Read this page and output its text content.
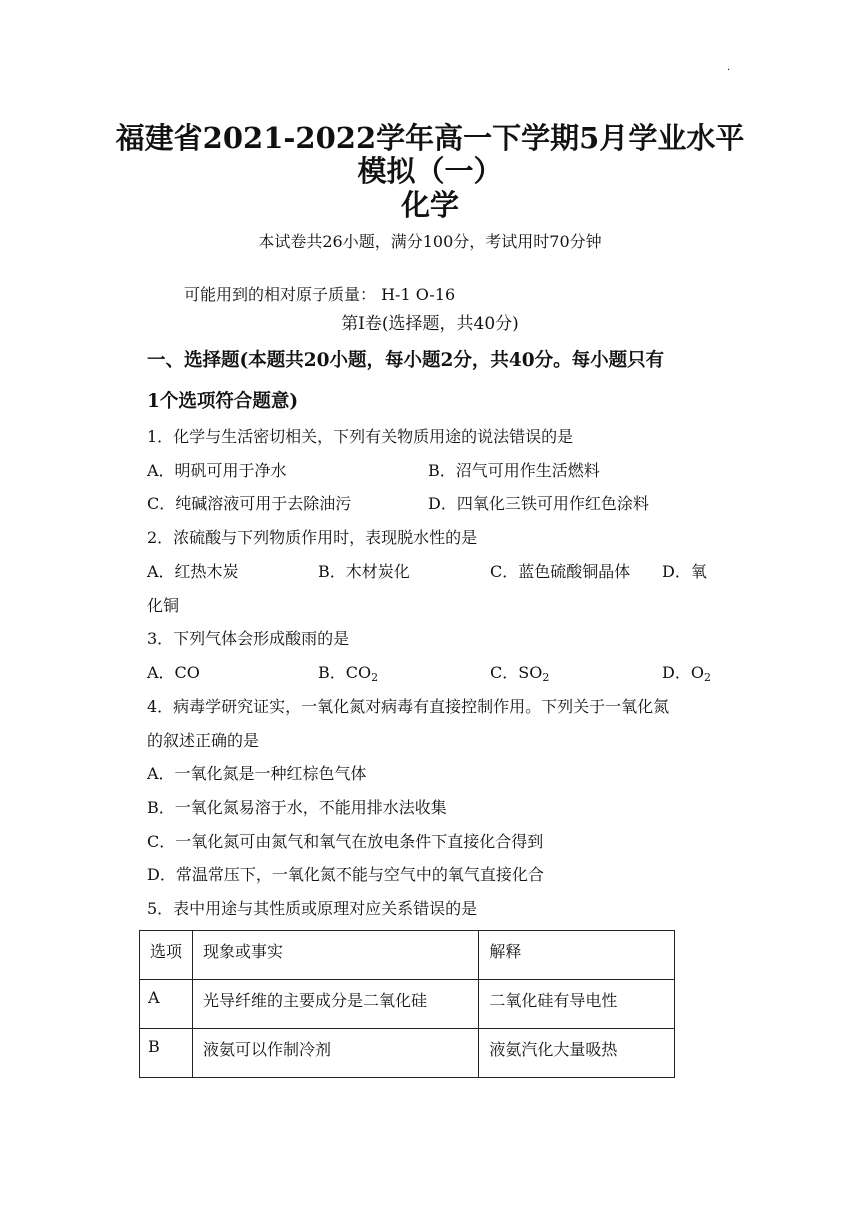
·
福建省2021-2022学年高一下学期5月学业水平
模拟（一）
化学
本试卷共26小题，满分100分，考试用时70分钟
可能用到的相对原子质量： H-1 O-16
第Ⅰ卷(选择题，共40分)
一、选择题(本题共20小题，每小题2分，共40分。每小题只有
1个选项符合题意)
1．化学与生活密切相关，下列有关物质用途的说法错误的是
A．明矾可用于净水	B．沼气可用作生活燃料
C．纯碱溶液可用于去除油污	D．四氧化三铁可用作红色涂料
2．浓硫酸与下列物质作用时，表现脱水性的是
A．红热木炭	B．木材炭化	C．蓝色硫酸铜晶体 D．氧
化铜
3．下列气体会形成酸雨的是
A．CO	B．$CO_2$	C．$SO_2$	D．$O_2$
4．病毒学研究证实，一氧化氮对病毒有直接控制作用。下列关于一氧化氮
的叙述正确的是
A．一氧化氮是一种红棕色气体
B．一氧化氮易溶于水，不能用排水法收集
C．一氧化氮可由氮气和氧气在放电条件下直接化合得到
D．常温常压下，一氧化氮不能与空气中的氧气直接化合
5．表中用途与其性质或原理对应关系错误的是
选项	现象或事实	解释
A	光导纤维的主要成分是二氧化硅	二氧化硅有导电性
B	液氨可以作制冷剂	液氨汽化大量吸热
